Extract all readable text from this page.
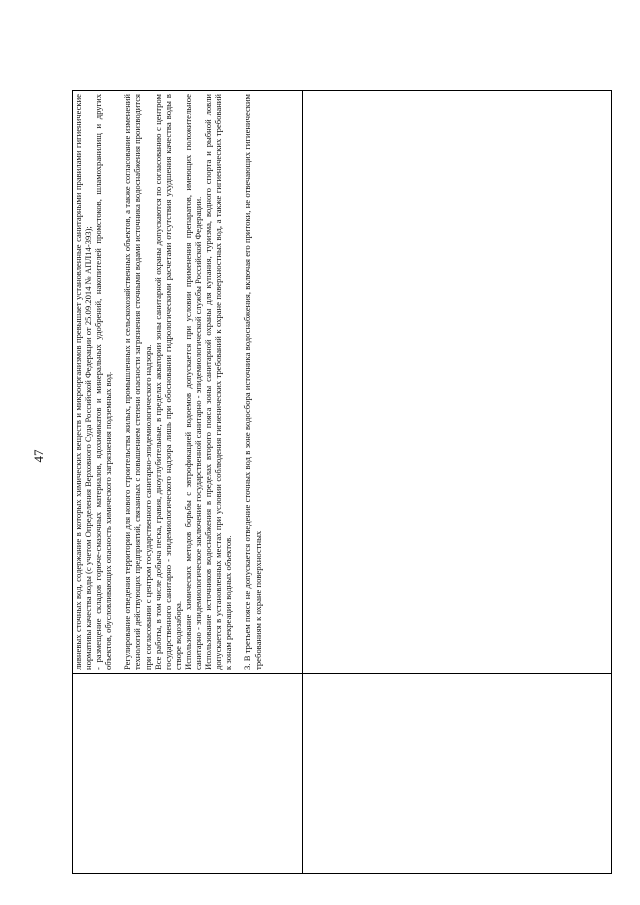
47	ливневых сточных вод, содержание в которых химических веществ и микроорганизмов превышает установленные санитарными правилами гигиенические нормативы качества воды (с учетом Определения Верховного Суда Российской Федерации от 25.09.2014 № АПЛ14-393); - размещение складов горюче-смазочных материалов, ядохимикатов и минеральных удобрений, накопителей промстоков, шламохранилищ и других объектов, обусловливающих опасность химического загрязнения подземных вод. Регулирование отведения территории для нового строительства жилых, промышленных и сельскохозяйственных объектов, а также согласование изменений технологий действующих предприятий, связанных с повышением степени опасности загрязнения сточными водами источника водоснабжения производится при согласовании с центром государственного санитарно-эпидемиологического надзора. Все работы, в том числе добыча песка, гравия, дноуглубительные, в пределах акватории зоны санитарной охраны допускаются по согласованию с центром государственного санитарно - эпидемиологического надзора лишь при обосновании гидрологическими расчетами отсутствия ухудшения качества воды в створе водозабора. Использование химических методов борьбы с эвтрофикацией водоемов допускается при условии применения препаратов, имеющих положительное санитарно - эпидемиологическое заключение государственной санитарно - эпидемиологической службы Российской Федерации. Использование источников водоснабжения в пределах второго пояса зоны санитарной охраны для купания, туризма, водного спорта и рыбной ловли допускается в установленных местах при условии соблюдения гигиенических требований к охране поверхностных вод, а также гигиенических требований к зонам рекреации водных объектов. 3. В третьем поясе не допускается отведение сточных вод в зоне водосбора источника водоснабжения, включая его притоки, не отвечающих гигиеническим требованиям к охране поверхностных
